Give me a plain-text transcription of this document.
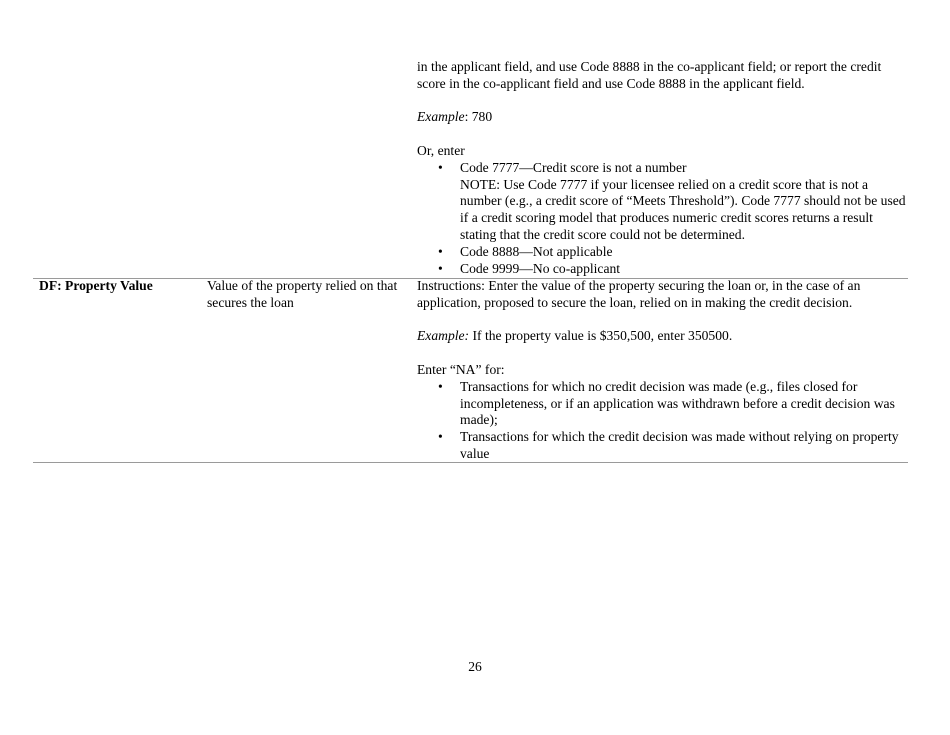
in the applicant field, and use Code 8888 in the co-applicant field; or report the credit score in the co-applicant field and use Code 8888 in the applicant field.

Example: 780

Or, enter

• Code 7777—Credit score is not a number
NOTE: Use Code 7777 if your licensee relied on a credit score that is not a number (e.g., a credit score of “Meets Threshold”). Code 7777 should not be used if a credit scoring model that produces numeric credit scores returns a result stating that the credit score could not be determined.
• Code 8888—Not applicable
• Code 9999—No co-applicant
DF: Property Value	Value of the property relied on that secures the loan

Instructions: Enter the value of the property securing the loan or, in the case of an application, proposed to secure the loan, relied on in making the credit decision.

Example: If the property value is $350,500, enter 350500.

Enter “NA” for:

• Transactions for which no credit decision was made (e.g., files closed for incompleteness, or if an application was withdrawn before a credit decision was made);
• Transactions for which the credit decision was made without relying on property value
26
